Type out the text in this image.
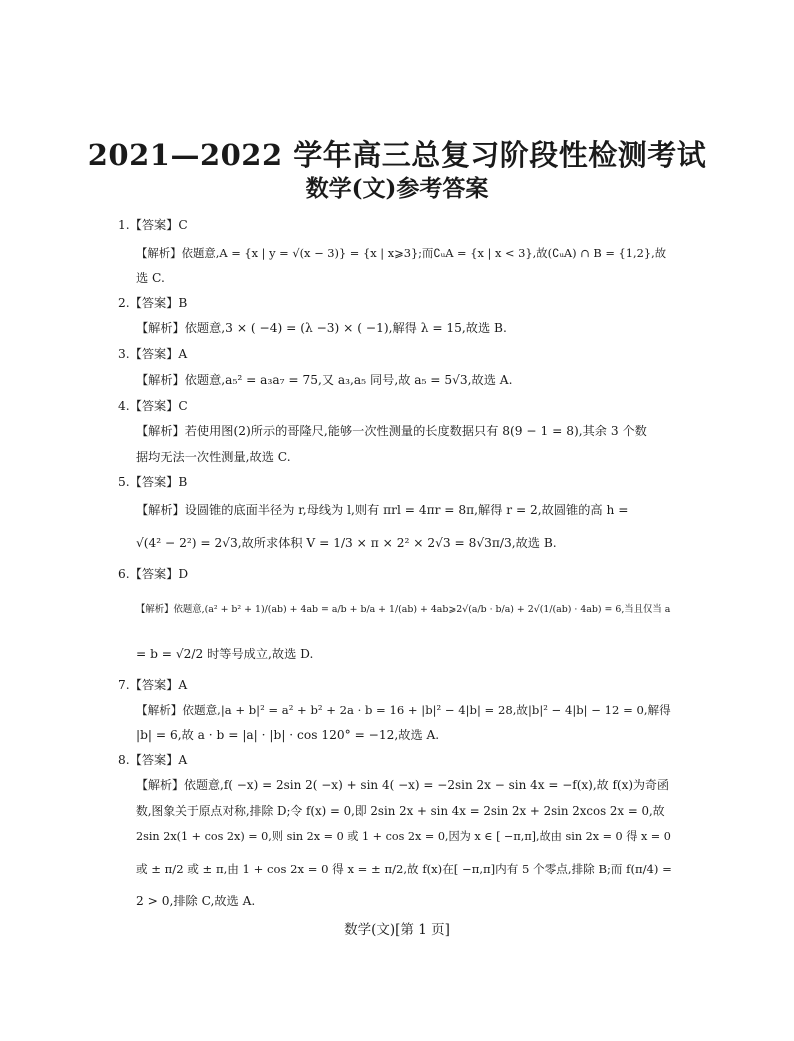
2021—2022 学年高三总复习阶段性检测考试
数学(文)参考答案
1.【答案】C
【解析】依题意,A = {x | y = √(x − 3)} = {x | x⩾3};而∁ᵤA = {x | x < 3},故(∁ᵤA) ∩ B = {1,2},故
选 C.
2.【答案】B
【解析】依题意,3 × ( −4) = (λ −3) × ( −1),解得 λ = 15,故选 B.
3.【答案】A
【解析】依题意,a₅² = a₃a₇ = 75,又 a₃,a₅ 同号,故 a₅ = 5√3,故选 A.
4.【答案】C
【解析】若使用图(2)所示的哥隆尺,能够一次性测量的长度数据只有 8(9 − 1 = 8),其余 3 个数
据均无法一次性测量,故选 C.
5.【答案】B
【解析】设圆锥的底面半径为 r,母线为 l,则有 πrl = 4πr = 8π,解得 r = 2,故圆锥的高 h =
√(4² − 2²) = 2√3,故所求体积 V = 1/3 × π × 2² × 2√3 = 8√3π/3,故选 B.
6.【答案】D
【解析】依题意,(a² + b² + 1)/(ab) + 4ab = a/b + b/a + 1/(ab) + 4ab⩾2√(a/b · b/a) + 2√(1/(ab) · 4ab) = 6,当且仅当 a
= b = √2/2 时等号成立,故选 D.
7.【答案】A
【解析】依题意,|a + b|² = a² + b² + 2a · b = 16 + |b|² − 4|b| = 28,故|b|² − 4|b| − 12 = 0,解得
|b| = 6,故 a · b = |a| · |b| · cos 120° = −12,故选 A.
8.【答案】A
【解析】依题意,f( −x) = 2sin 2( −x) + sin 4( −x) = −2sin 2x − sin 4x = −f(x),故 f(x)为奇函
数,图象关于原点对称,排除 D;令 f(x) = 0,即 2sin 2x + sin 4x = 2sin 2x + 2sin 2xcos 2x = 0,故
2sin 2x(1 + cos 2x) = 0,则 sin 2x = 0 或 1 + cos 2x = 0,因为 x ∈ [ −π,π],故由 sin 2x = 0 得 x = 0
或 ± π/2 或 ± π,由 1 + cos 2x = 0 得 x = ± π/2,故 f(x)在[ −π,π]内有 5 个零点,排除 B;而 f(π/4) =
2 > 0,排除 C,故选 A.
数学(文)[第 1 页]
